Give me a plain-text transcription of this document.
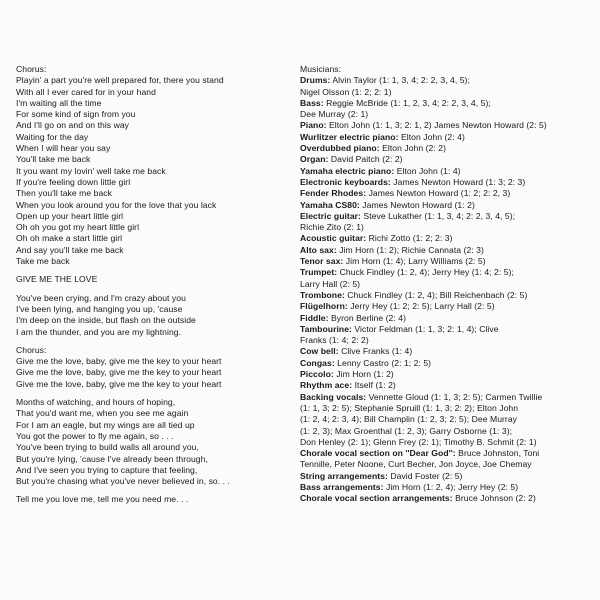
Chorus:
Playin' a part you're well prepared for, there you stand
With all I ever cared for in your hand
I'm waiting all the time
For some kind of sign from you
And I'll go on and on this way
Waiting for the day
When I will hear you say
You'll take me back
It you want my lovin' well take me back
If you're feeling down little girl
Then you'll take me back
When you look around you for the love that you lack
Open up your heart little girl
Oh oh you got my heart little girl
Oh oh make a start little girl
And say you'll take me back
Take me back
GIVE ME THE LOVE
You've been crying, and I'm crazy about you
I've been lying, and hanging you up, 'cause
I'm deep on the inside, but flash on the outside
I am the thunder, and you are my lightning.
Chorus:
Give me the love, baby, give me the key to your heart
Give me the love, baby, give me the key to your heart
Give me the love, baby, give me the key to your heart
Months of watching, and hours of hoping,
That you'd want me, when you see me again
For I am an eagle, but my wings are all tied up
You got the power to fly me again, so . . .
You've been trying to build walls all around you,
But you're lying, 'cause I've already been through,
And I've seen you trying to capture that feeling,
But you're chasing what you've never believed in, so. . .
Tell me you love me, tell me you need me. . .
Musicians:
Drums: Alvin Taylor (1: 1, 3, 4; 2: 2, 3, 4, 5);
Nigel Olsson (1: 2; 2: 1)
Bass: Reggie McBride (1: 1, 2, 3, 4; 2: 2, 3, 4, 5);
Dee Murray (2: 1)
Piano: Elton John (1: 1, 3; 2: 1, 2) James Newton Howard (2: 5)
Wurlitzer electric piano: Elton John (2: 4)
Overdubbed piano: Elton John (2: 2)
Organ: David Paitch (2: 2)
Yamaha electric piano: Elton John (1: 4)
Electronic keyboards: James Newton Howard (1: 3; 2: 3)
Fender Rhodes: James Newton Howard (1: 2; 2: 2, 3)
Yamaha CS80: James Newton Howard (1: 2)
Electric guitar: Steve Lukather (1: 1, 3, 4; 2: 2, 3, 4, 5);
Richie Zito (2: 1)
Acoustic guitar: Richi Zotto (1: 2; 2: 3)
Alto sax: Jim Horn (1: 2); Richie Cannata (2: 3)
Tenor sax: Jim Horn (1: 4); Larry Williams (2: 5)
Trumpet: Chuck Findley (1: 2, 4); Jerry Hey (1: 4; 2: 5);
Larry Hall (2: 5)
Trombone: Chuck Findley (1: 2, 4); Bill Reichenbach (2: 5)
Flügelhorn: Jerry Hey (1: 2; 2: 5); Larry Hall (2: 5)
Fiddle: Byron Berline (2: 4)
Tambourine: Victor Feldman (1: 1, 3; 2: 1, 4); Clive
Franks (1: 4; 2: 2)
Cow bell: Clive Franks (1: 4)
Congas: Lenny Castro (2: 1; 2: 5)
Piccolo: Jim Horn (1: 2)
Rhythm ace: Itself (1: 2)
Backing vocals: Vennette Gloud (1: 1, 3; 2: 5); Carmen Twillie
(1: 1, 3; 2: 5); Stephanie Spruill (1: 1, 3; 2: 2); Elton John
(1: 2, 4; 2: 3, 4); Bill Champlin (1: 2, 3; 2: 5); Dee Murray
(1: 2, 3); Max Groenthal (1: 2, 3); Garry Osborne (1: 3);
Don Henley (2: 1); Glenn Frey (2: 1); Timothy B. Schmit (2: 1)
Chorale vocal section on ''Dear God'': Bruce Johnston, Toni
Tennille, Peter Noone, Curt Becher, Jon Joyce, Joe Chemay
String arrangements: David Foster (2: 5)
Bass arrangements: Jim Horn (1: 2, 4); Jerry Hey (2: 5)
Chorale vocal section arrangements: Bruce Johnson (2: 2)
